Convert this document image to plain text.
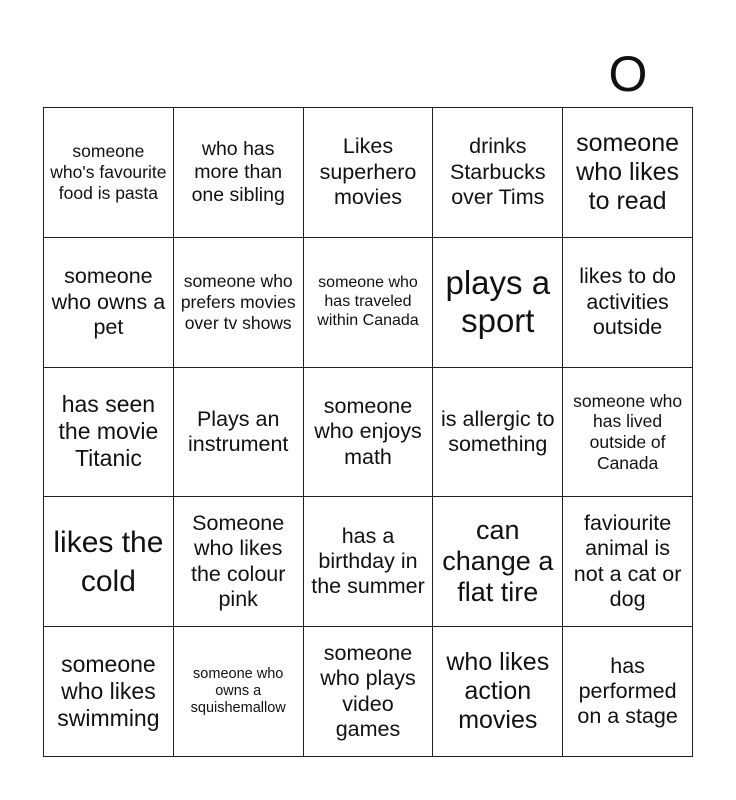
O
someone who's favourite food is pasta
who has more than one sibling
Likes superhero movies
drinks Starbucks over Tims
someone who likes to read
someone who owns a pet
someone who prefers movies over tv shows
someone who has traveled within Canada
plays a sport
likes to do activities outside
has seen the movie Titanic
Plays an instrument
someone who enjoys math
is allergic to something
someone who has lived outside of Canada
likes the cold
Someone who likes the colour pink
has a birthday in the summer
can change a flat tire
faviourite animal is not a cat or dog
someone who likes swimming
someone who owns a squishemallow
someone who plays video games
who likes action movies
has performed on a stage
